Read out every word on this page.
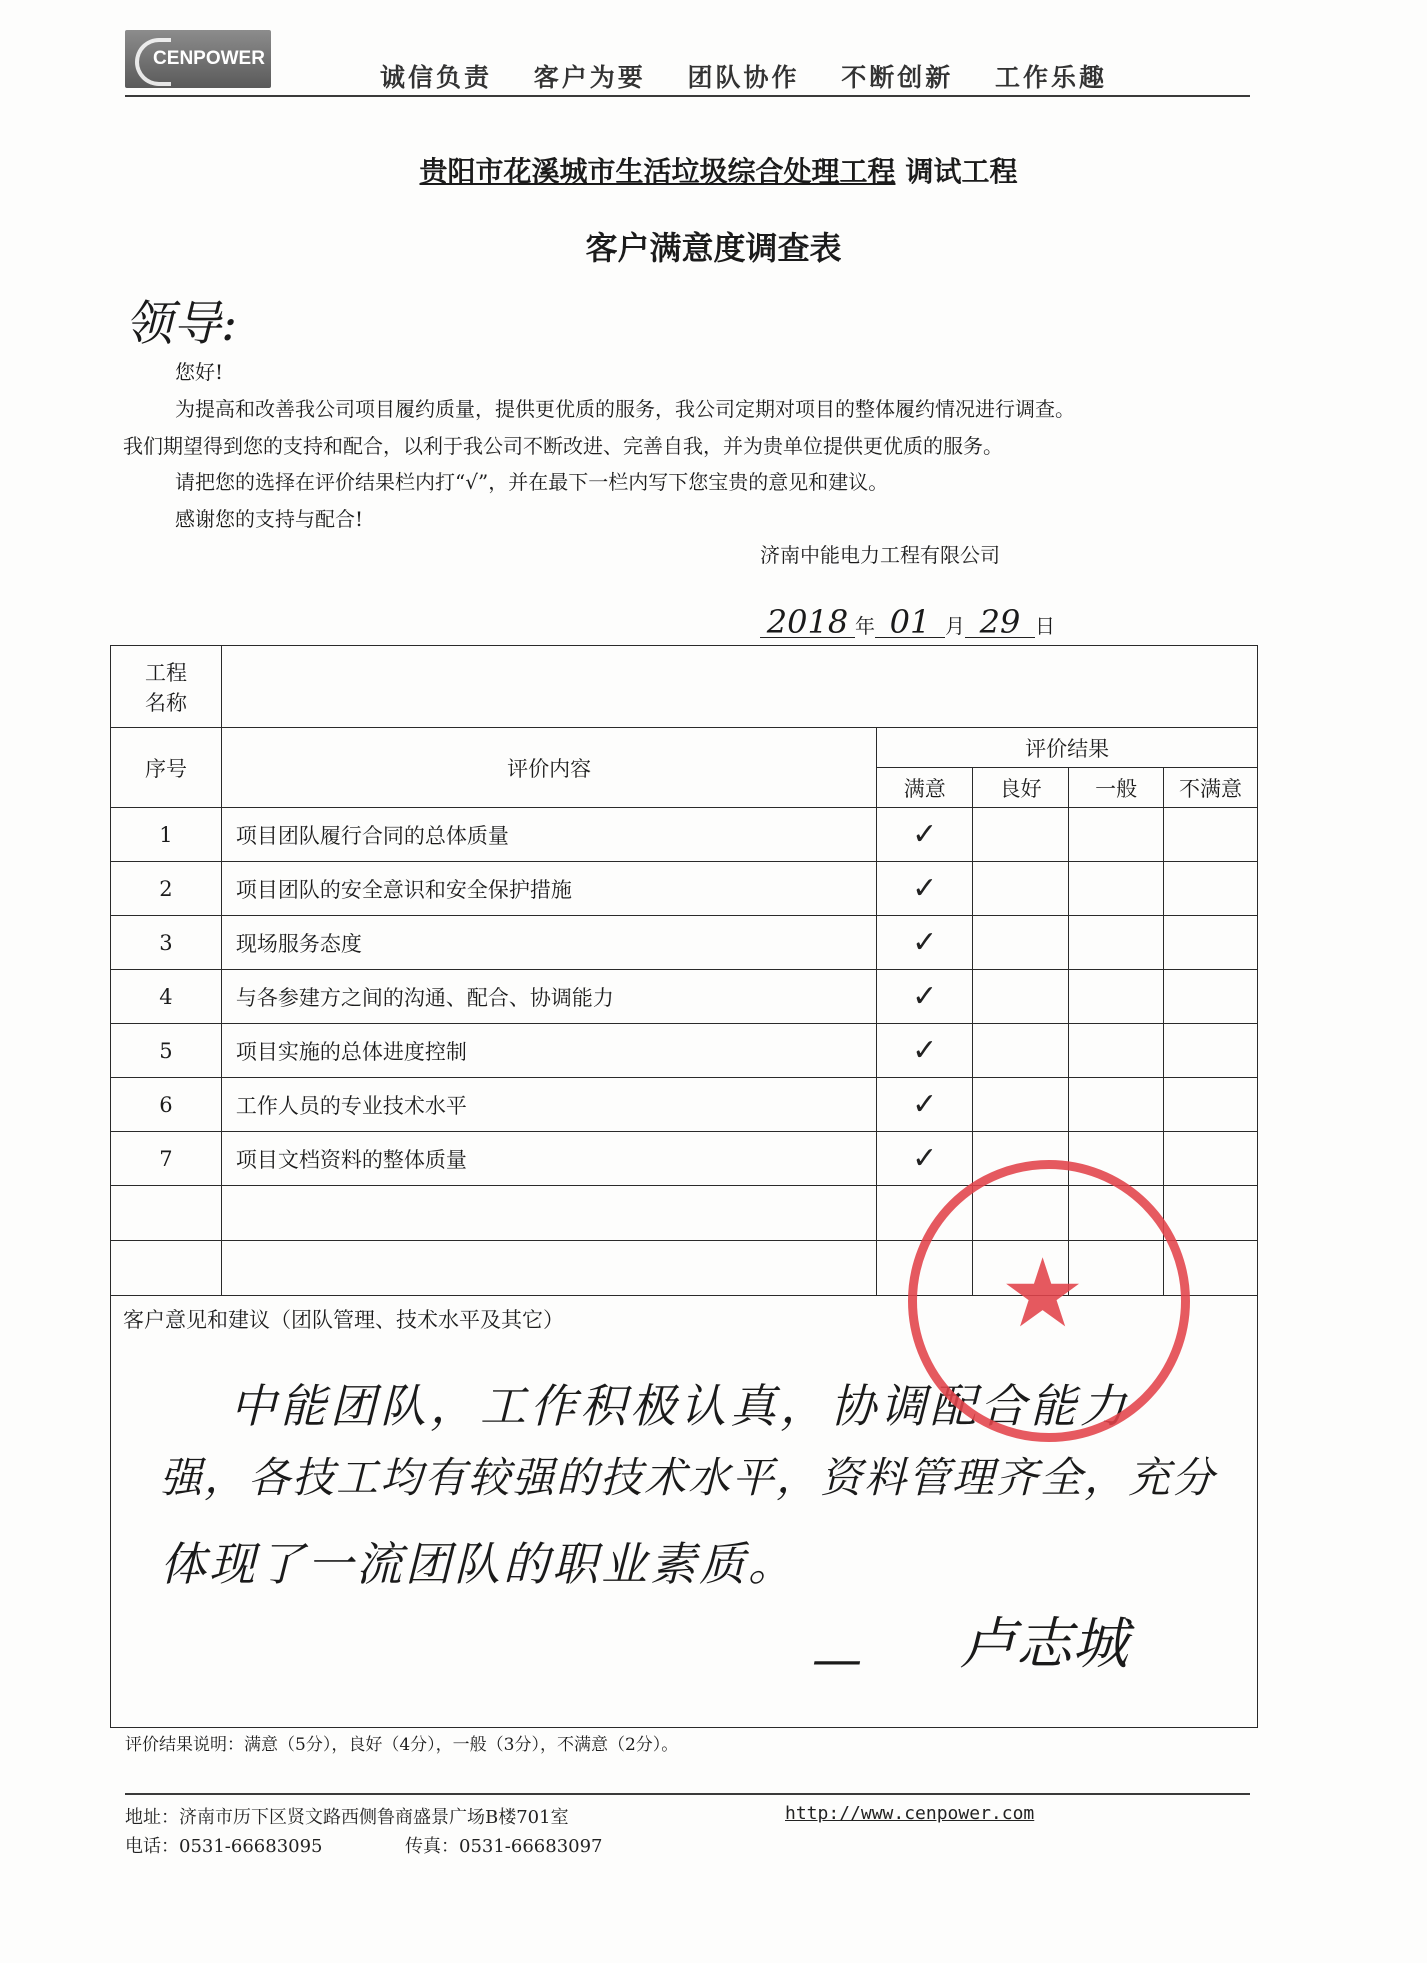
CENPOWER
诚信负责 客户为要 团队协作 不断创新 工作乐趣
贵阳市花溪城市生活垃圾综合处理工程 调试工程
客户满意度调查表
领导:
您好!
为提高和改善我公司项目履约质量，提供更优质的服务，我公司定期对项目的整体履约情况进行调查。
我们期望得到您的支持和配合，以利于我公司不断改进、完善自我，并为贵单位提供更优质的服务。
请把您的选择在评价结果栏内打“√”，并在最下一栏内写下您宝贵的意见和建议。
感谢您的支持与配合!
济南中能电力工程有限公司
2018 年 01 月 29 日
工程
名称					

序号	评价内容	评价结果			
		满意	良好	一般	不满意
1	项目团队履行合同的总体质量	✓			
2	项目团队的安全意识和安全保护措施	✓			
3	现场服务态度	✓			
4	与各参建方之间的沟通、配合、协调能力	✓			
5	项目实施的总体进度控制	✓			
6	工作人员的专业技术水平	✓			
7	项目文档资料的整体质量	✓			

客户意见和建议（团队管理、技术水平及其它）					
中能团队，工作积极认真，协调配合能力
强，各技工均有较强的技术水平，资料管理齐全，充分
体现了一流团队的职业素质。
— 卢志城
★
评价结果说明：满意（5分），良好（4分），一般（3分），不满意（2分）。
地址：济南市历下区贤文路西侧鲁商盛景广场B楼701室	http://www.cenpower.com
电话：0531-66683095	传真：0531-66683097
